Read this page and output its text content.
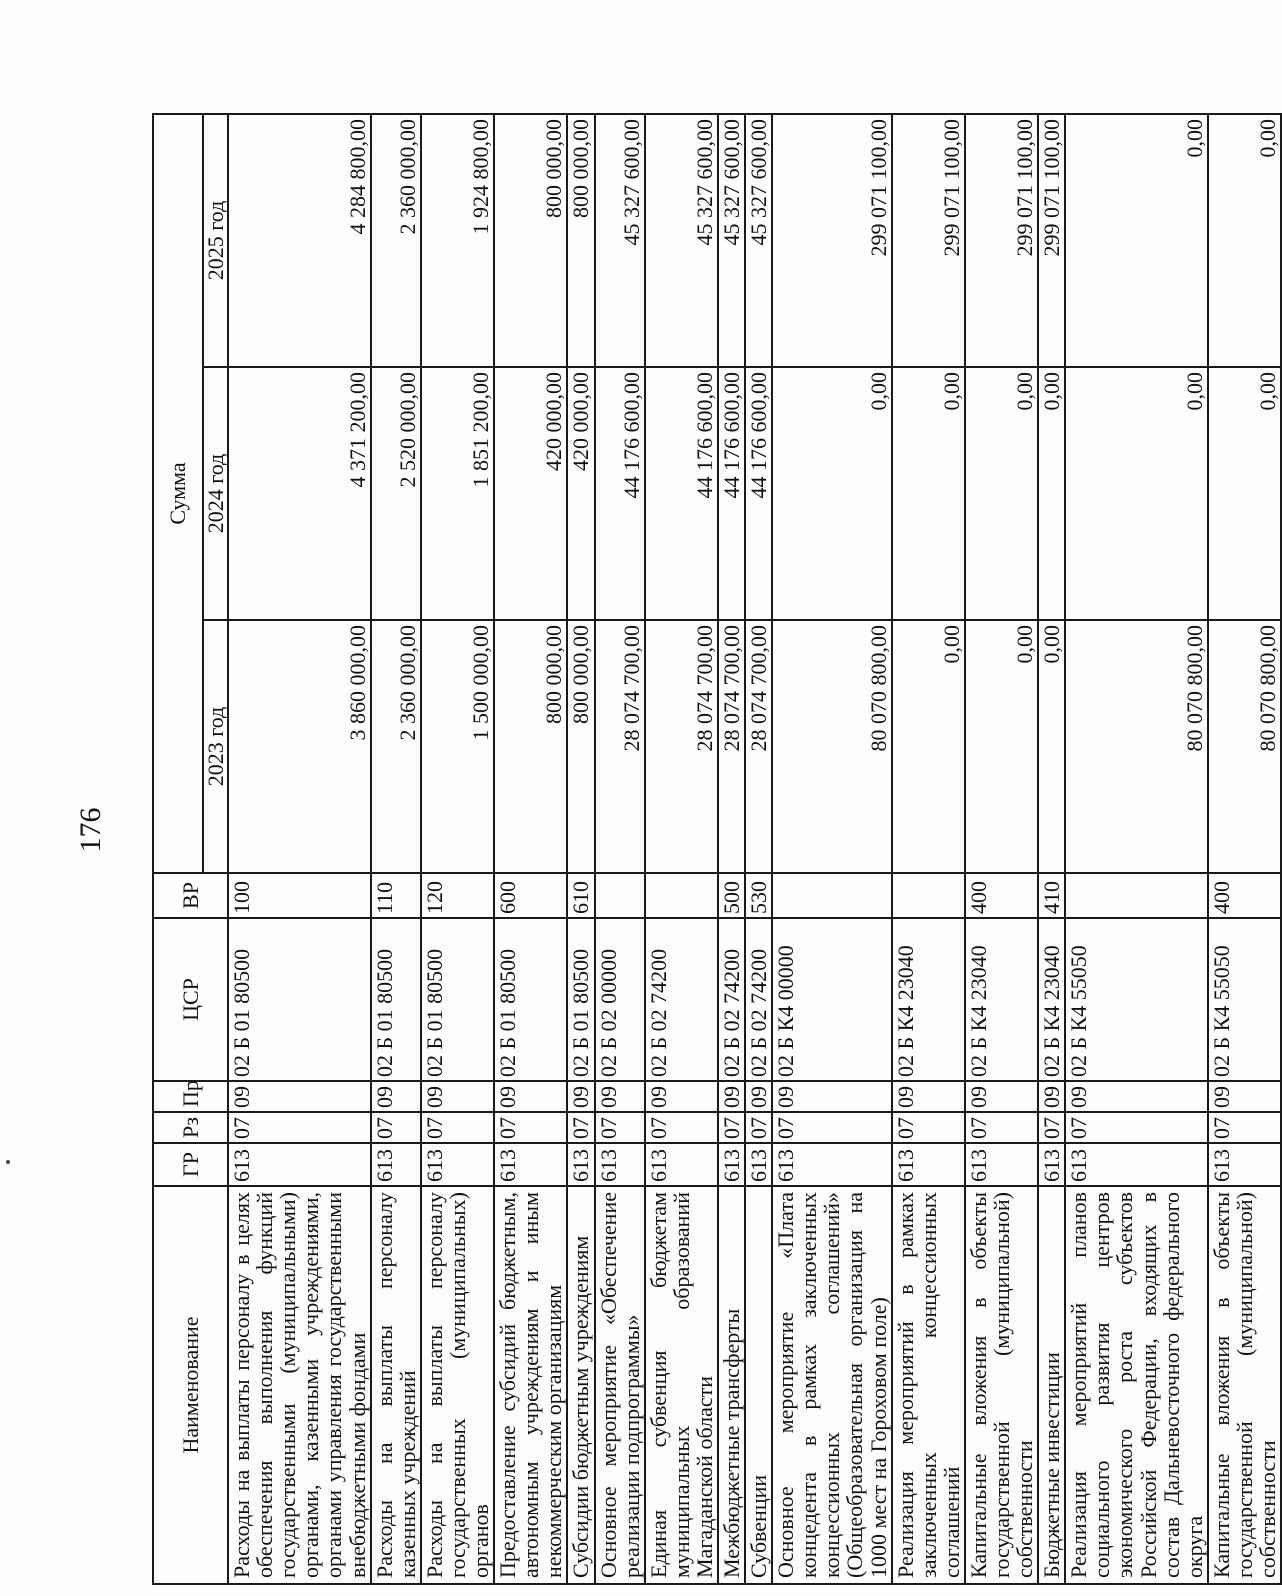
176
Наименование	ГР	Рз	Пр	ЦСР	ВР	Сумма		
						2023 год	2024 год	2025 год
Расходы на выплаты персоналу в целях обеспечения выполнения функций государственными (муниципальными) органами, казенными учреждениями, органами управления государственными внебюджетными фондами	613	07	09	02 Б 01 80500	100	3 860 000,00	4 371 200,00	4 284 800,00
Расходы на выплаты персоналу казенных учреждений	613	07	09	02 Б 01 80500	110	2 360 000,00	2 520 000,00	2 360 000,00
Расходы на выплаты персоналу государственных (муниципальных) органов	613	07	09	02 Б 01 80500	120	1 500 000,00	1 851 200,00	1 924 800,00
Предоставление субсидий бюджетным, автономным учреждениям и иным некоммерческим организациям	613	07	09	02 Б 01 80500	600	800 000,00	420 000,00	800 000,00
Субсидии бюджетным учреждениям	613	07	09	02 Б 01 80500	610	800 000,00	420 000,00	800 000,00
Основное мероприятие «Обеспечение реализации подпрограммы»	613	07	09	02 Б 02 00000		28 074 700,00	44 176 600,00	45 327 600,00
Единая субвенция бюджетам муниципальных образований Магаданской области	613	07	09	02 Б 02 74200		28 074 700,00	44 176 600,00	45 327 600,00
Межбюджетные трансферты	613	07	09	02 Б 02 74200	500	28 074 700,00	44 176 600,00	45 327 600,00
Субвенции	613	07	09	02 Б 02 74200	530	28 074 700,00	44 176 600,00	45 327 600,00
Основное мероприятие «Плата концедента в рамках заключенных концессионных соглашений» (Общеобразовательная организация на 1000 мест на Гороховом поле)	613	07	09	02 Б К4 00000		80 070 800,00	0,00	299 071 100,00
Реализация мероприятий в рамках заключенных концессионных соглашений	613	07	09	02 Б К4 23040		0,00	0,00	299 071 100,00
Капитальные вложения в объекты государственной (муниципальной) собственности	613	07	09	02 Б К4 23040	400	0,00	0,00	299 071 100,00
Бюджетные инвестиции	613	07	09	02 Б К4 23040	410	0,00	0,00	299 071 100,00
Реализация мероприятий планов социального развития центров экономического роста субъектов Российской Федерации, входящих в состав Дальневосточного федерального округа	613	07	09	02 Б К4 55050		80 070 800,00	0,00	0,00
Капитальные вложения в объекты государственной (муниципальной) собственности	613	07	09	02 Б К4 55050	400	80 070 800,00	0,00	0,00
